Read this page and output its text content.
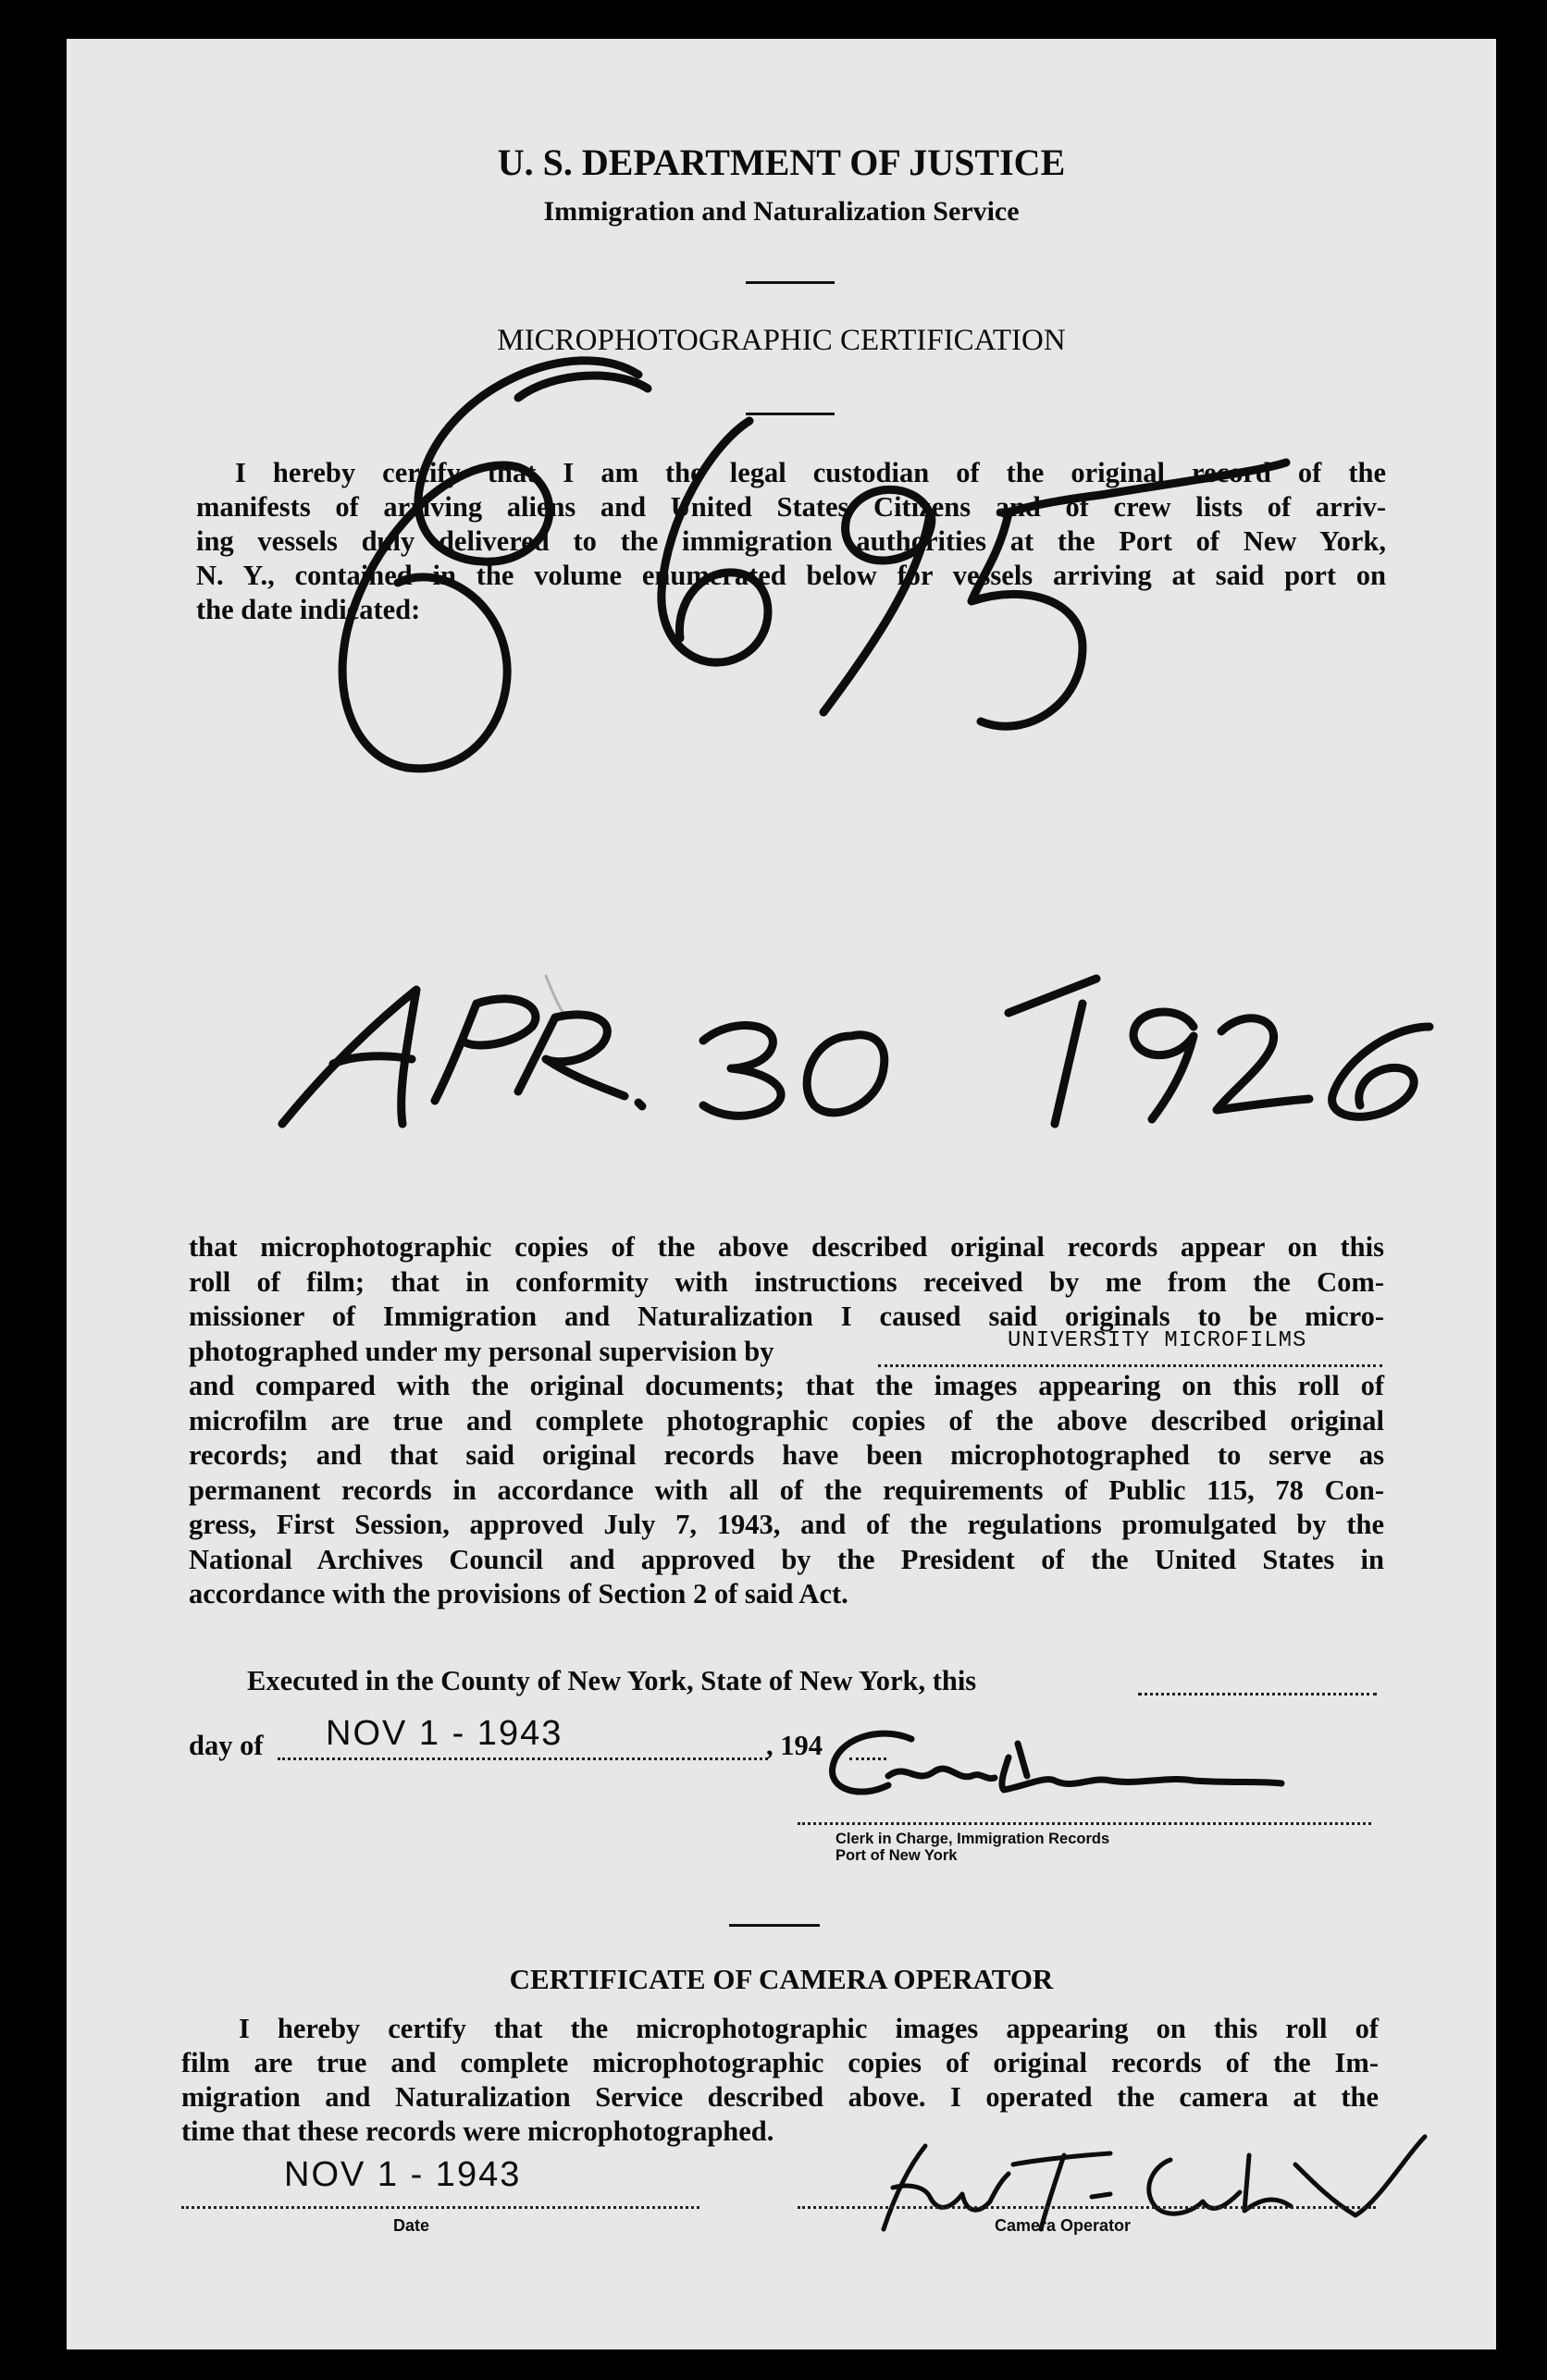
U. S. DEPARTMENT OF JUSTICE
Immigration and Naturalization Service
MICROPHOTOGRAPHIC CERTIFICATION
I hereby certify that I am the legal custodian of the original record of the
manifests of arriving aliens and United States Citizens and of crew lists of arriv-
ing vessels duly delivered to the immigration authorities at the Port of New York,
N. Y., contained in the volume enumerated below for vessels arriving at said port on
the date indicated:
that microphotographic copies of the above described original records appear on this
roll of film; that in conformity with instructions received by me from the Com-
missioner of Immigration and Naturalization I caused said originals to be micro-
photographed under my personal supervision by	UNIVERSITY MICROFILMS
and compared with the original documents; that the images appearing on this roll of
microfilm are true and complete photographic copies of the above described original
records; and that said original records have been microphotographed to serve as
permanent records in accordance with all of the requirements of Public 115, 78 Con-
gress, First Session, approved July 7, 1943, and of the regulations promulgated by the
National Archives Council and approved by the President of the United States in
accordance with the provisions of Section 2 of said Act.
Executed in the County of New York, State of New York, this
day of NOV 1 - 1943	, 194
Clerk in Charge, Immigration Records
Port of New York
CERTIFICATE OF CAMERA OPERATOR
I hereby certify that the microphotographic images appearing on this roll of
film are true and complete microphotographic copies of original records of the Im-
migration and Naturalization Service described above. I operated the camera at the
time that these records were microphotographed.
NOV 1 - 1943
Date	Camera Operator
